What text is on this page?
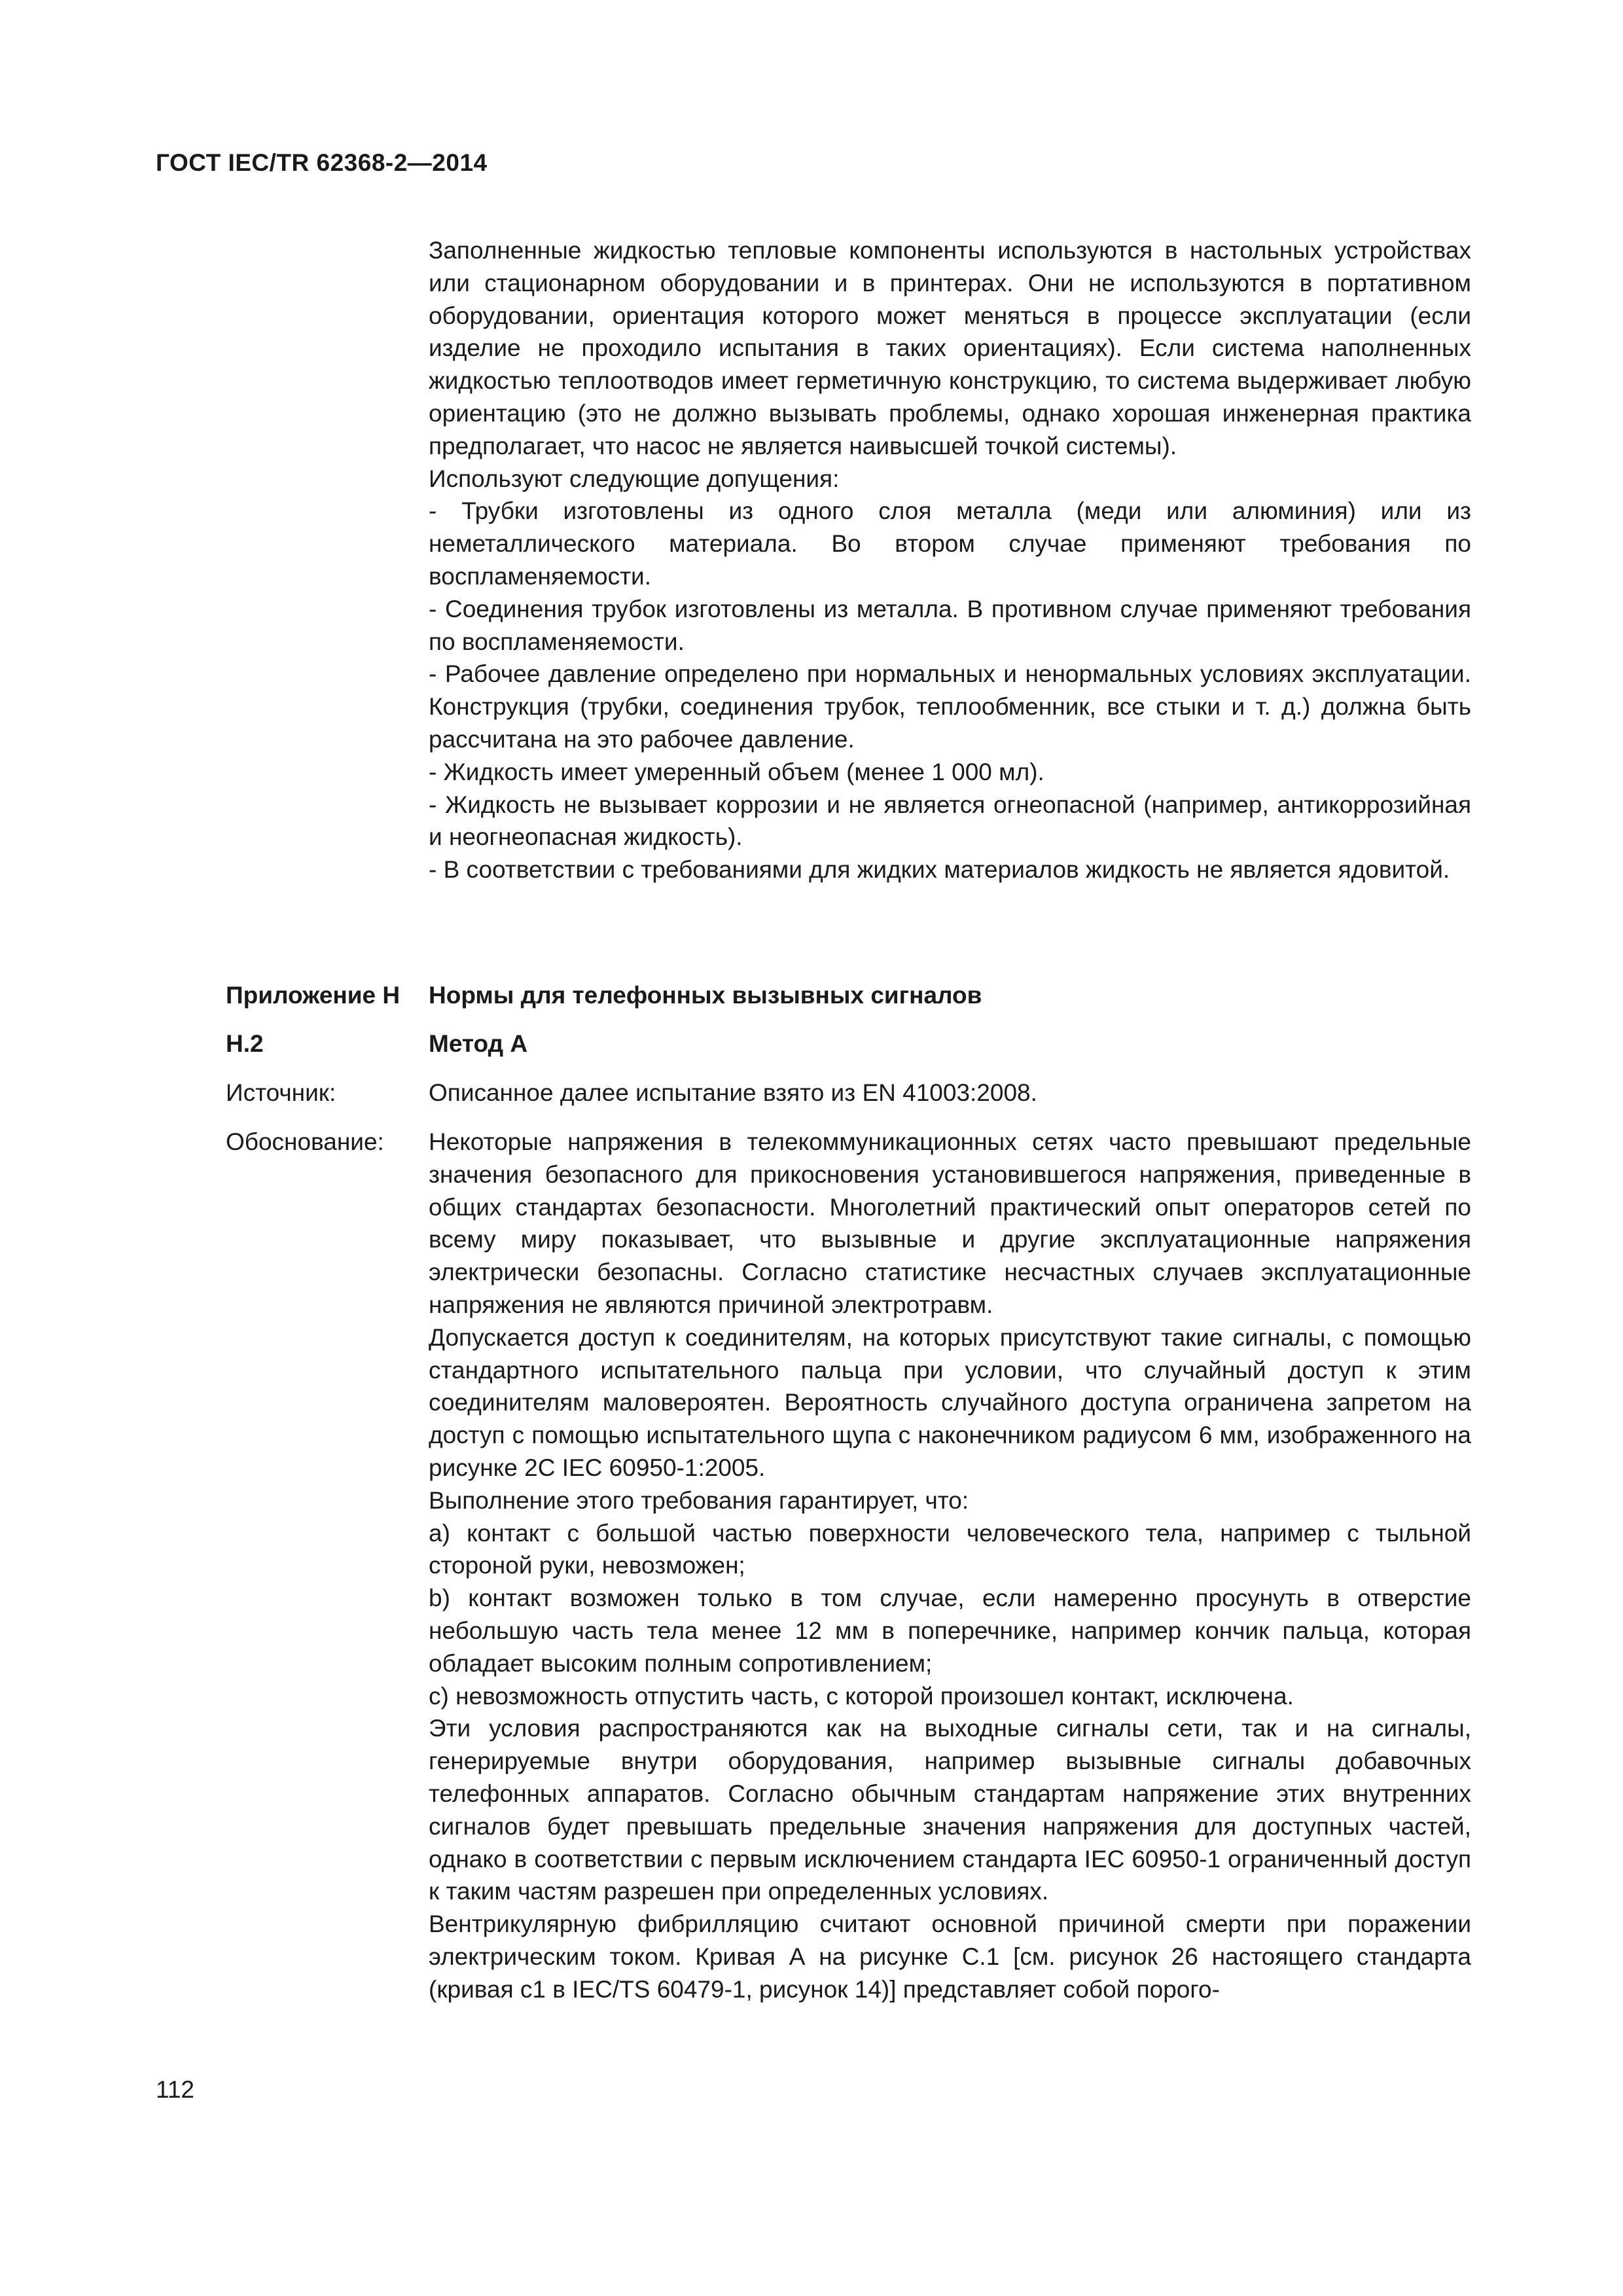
ГОСТ IEC/TR 62368-2—2014

Заполненные жидкостью тепловые компоненты используются в настольных устройствах или стационарном оборудовании и в принтерах. Они не используются в портативном оборудовании, ориентация которого может меняться в процессе эксплуатации (если изделие не проходило испытания в таких ориентациях). Если система наполненных жидкостью теплоотводов имеет герметичную конструкцию, то система выдерживает любую ориентацию (это не должно вызывать проблемы, однако хорошая инженерная практика предполагает, что насос не является наивысшей точкой системы).

Используют следующие допущения:

- Трубки изготовлены из одного слоя металла (меди или алюминия) или из неметаллического материала. Во втором случае применяют требования по воспламеняемости.

- Соединения трубок изготовлены из металла. В противном случае применяют требования по воспламеняемости.

- Рабочее давление определено при нормальных и ненормальных условиях эксплуатации. Конструкция (трубки, соединения трубок, теплообменник, все стыки и т. д.) должна быть рассчитана на это рабочее давление.

- Жидкость имеет умеренный объем (менее 1 000 мл).

- Жидкость не вызывает коррозии и не является огнеопасной (например, антикоррозийная и неогнеопасная жидкость).

- В соответствии с требованиями для жидких материалов жидкость не является ядовитой.

Приложение Н	Нормы для телефонных вызывных сигналов
Н.2	Метод А
Источник:	Описанное далее испытание взято из EN 41003:2008.
Обоснование:	Некоторые напряжения в телекоммуникационных сетях часто превышают предельные значения безопасного для прикосновения установившегося напряжения, приведенные в общих стандартах безопасности. Многолетний практический опыт операторов сетей по всему миру показывает, что вызывные и другие эксплуатационные напряжения электрически безопасны. Согласно статистике несчастных случаев эксплуатационные напряжения не являются причиной электротравм.

Допускается доступ к соединителям, на которых присутствуют такие сигналы, с помощью стандартного испытательного пальца при условии, что случайный доступ к этим соединителям маловероятен. Вероятность случайного доступа ограничена запретом на доступ с помощью испытательного щупа с наконечником радиусом 6 мм, изображенного на рисунке 2С IEC 60950-1:2005.

Выполнение этого требования гарантирует, что:

a) контакт с большой частью поверхности человеческого тела, например с тыльной стороной руки, невозможен;

b) контакт возможен только в том случае, если намеренно просунуть в отверстие небольшую часть тела менее 12 мм в поперечнике, например кончик пальца, которая обладает высоким полным сопротивлением;

c) невозможность отпустить часть, с которой произошел контакт, исключена.

Эти условия распространяются как на выходные сигналы сети, так и на сигналы, генерируемые внутри оборудования, например вызывные сигналы добавочных телефонных аппаратов. Согласно обычным стандартам напряжение этих внутренних сигналов будет превышать предельные значения напряжения для доступных частей, однако в соответствии с первым исключением стандарта IEC 60950-1 ограниченный доступ к таким частям разрешен при определенных условиях.

Вентрикулярную фибрилляцию считают основной причиной смерти при поражении электрическим током. Кривая А на рисунке С.1 [см. рисунок 26 настоящего стандарта (кривая с1 в IEC/TS 60479-1, рисунок 14)] представляет собой порого-

112
